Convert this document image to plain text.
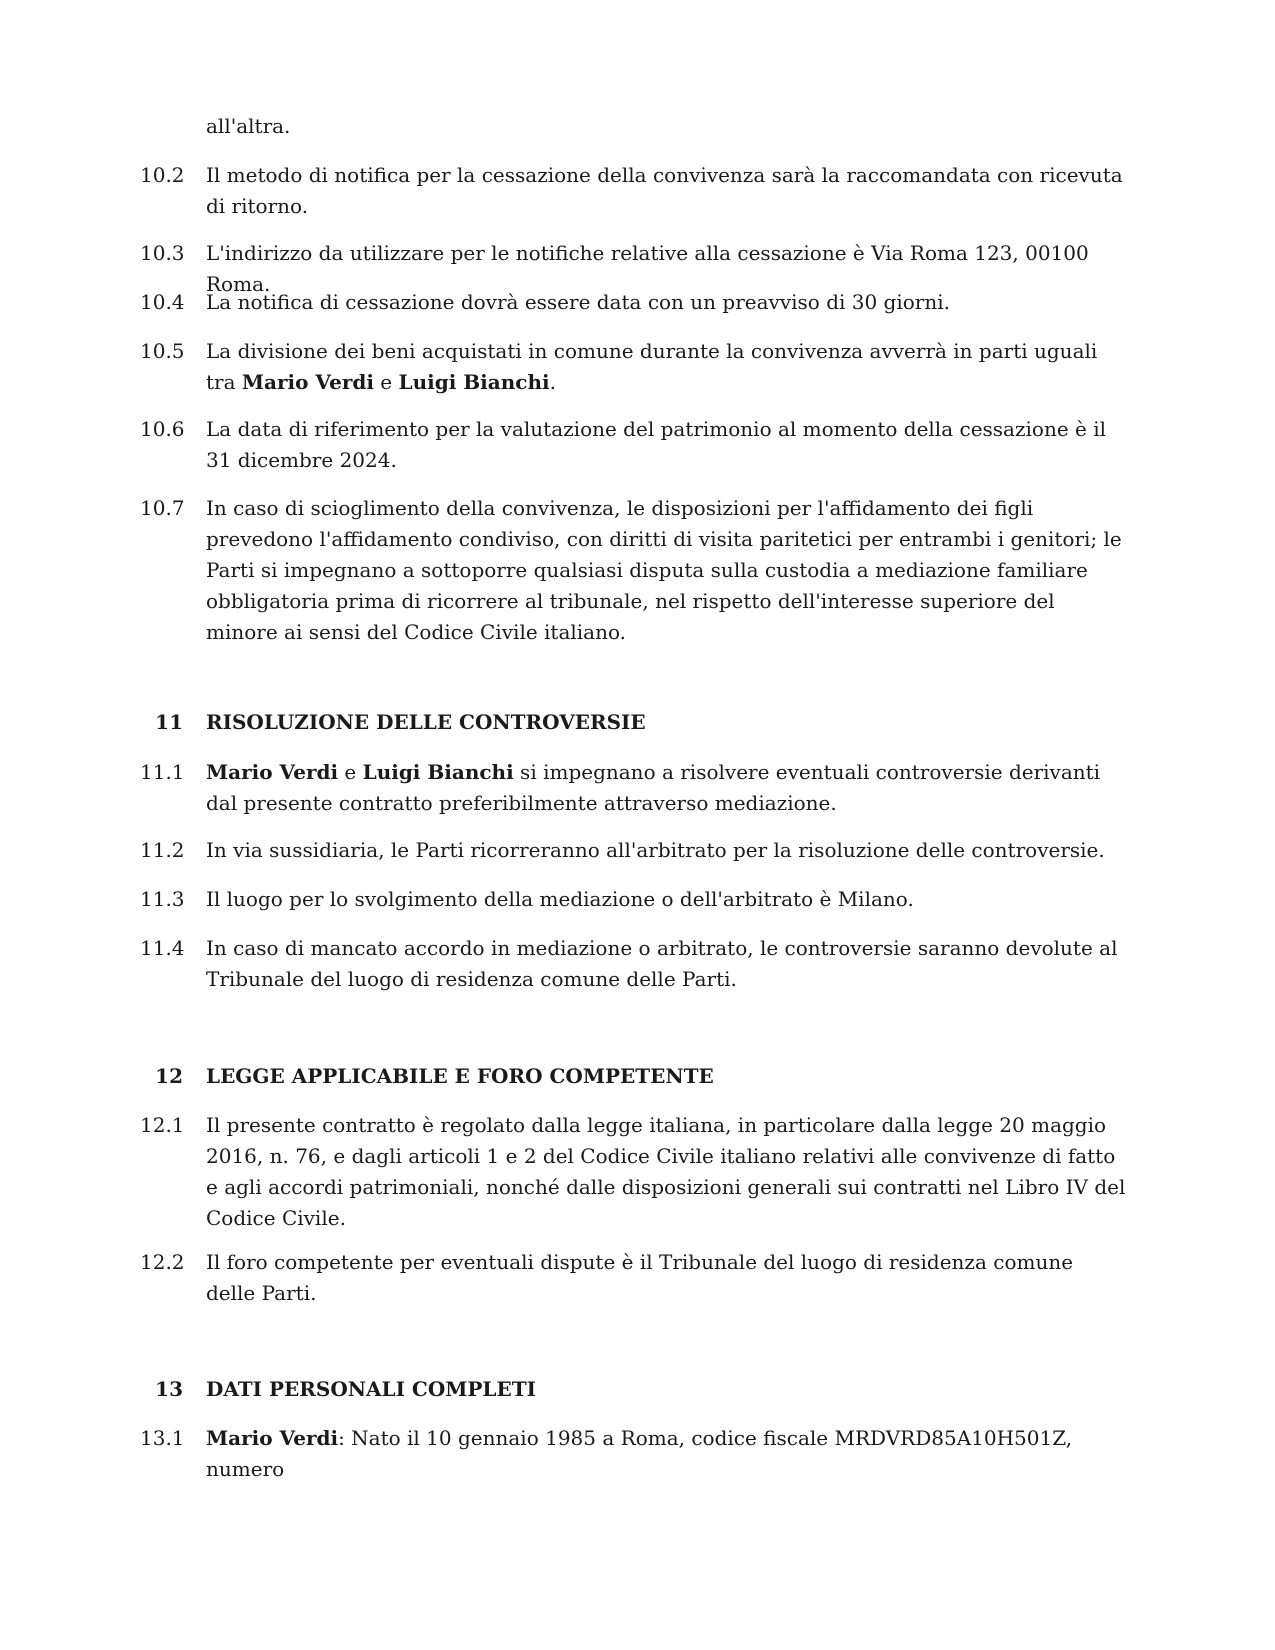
all'altra.
10.2	Il metodo di notifica per la cessazione della convivenza sarà la raccomandata con ricevuta di ritorno.
10.3	L'indirizzo da utilizzare per le notifiche relative alla cessazione è Via Roma 123, 00100 Roma.
10.4	La notifica di cessazione dovrà essere data con un preavviso di 30 giorni.
10.5	La divisione dei beni acquistati in comune durante la convivenza avverrà in parti uguali tra Mario Verdi e Luigi Bianchi.
10.6	La data di riferimento per la valutazione del patrimonio al momento della cessazione è il 31 dicembre 2024.
10.7	In caso di scioglimento della convivenza, le disposizioni per l'affidamento dei figli prevedono l'affidamento condiviso, con diritti di visita paritetici per entrambi i genitori; le Parti si impegnano a sottoporre qualsiasi disputa sulla custodia a mediazione familiare obbligatoria prima di ricorrere al tribunale, nel rispetto dell'interesse superiore del minore ai sensi del Codice Civile italiano.
11 RISOLUZIONE DELLE CONTROVERSIE
11.1	Mario Verdi e Luigi Bianchi si impegnano a risolvere eventuali controversie derivanti dal presente contratto preferibilmente attraverso mediazione.
11.2	In via sussidiaria, le Parti ricorreranno all'arbitrato per la risoluzione delle controversie.
11.3	Il luogo per lo svolgimento della mediazione o dell'arbitrato è Milano.
11.4	In caso di mancato accordo in mediazione o arbitrato, le controversie saranno devolute al Tribunale del luogo di residenza comune delle Parti.
12 LEGGE APPLICABILE E FORO COMPETENTE
12.1	Il presente contratto è regolato dalla legge italiana, in particolare dalla legge 20 maggio 2016, n. 76, e dagli articoli 1 e 2 del Codice Civile italiano relativi alle convivenze di fatto e agli accordi patrimoniali, nonché dalle disposizioni generali sui contratti nel Libro IV del Codice Civile.
12.2	Il foro competente per eventuali dispute è il Tribunale del luogo di residenza comune delle Parti.
13 DATI PERSONALI COMPLETI
13.1	Mario Verdi: Nato il 10 gennaio 1985 a Roma, codice fiscale MRDVRD85A10H501Z, numero
